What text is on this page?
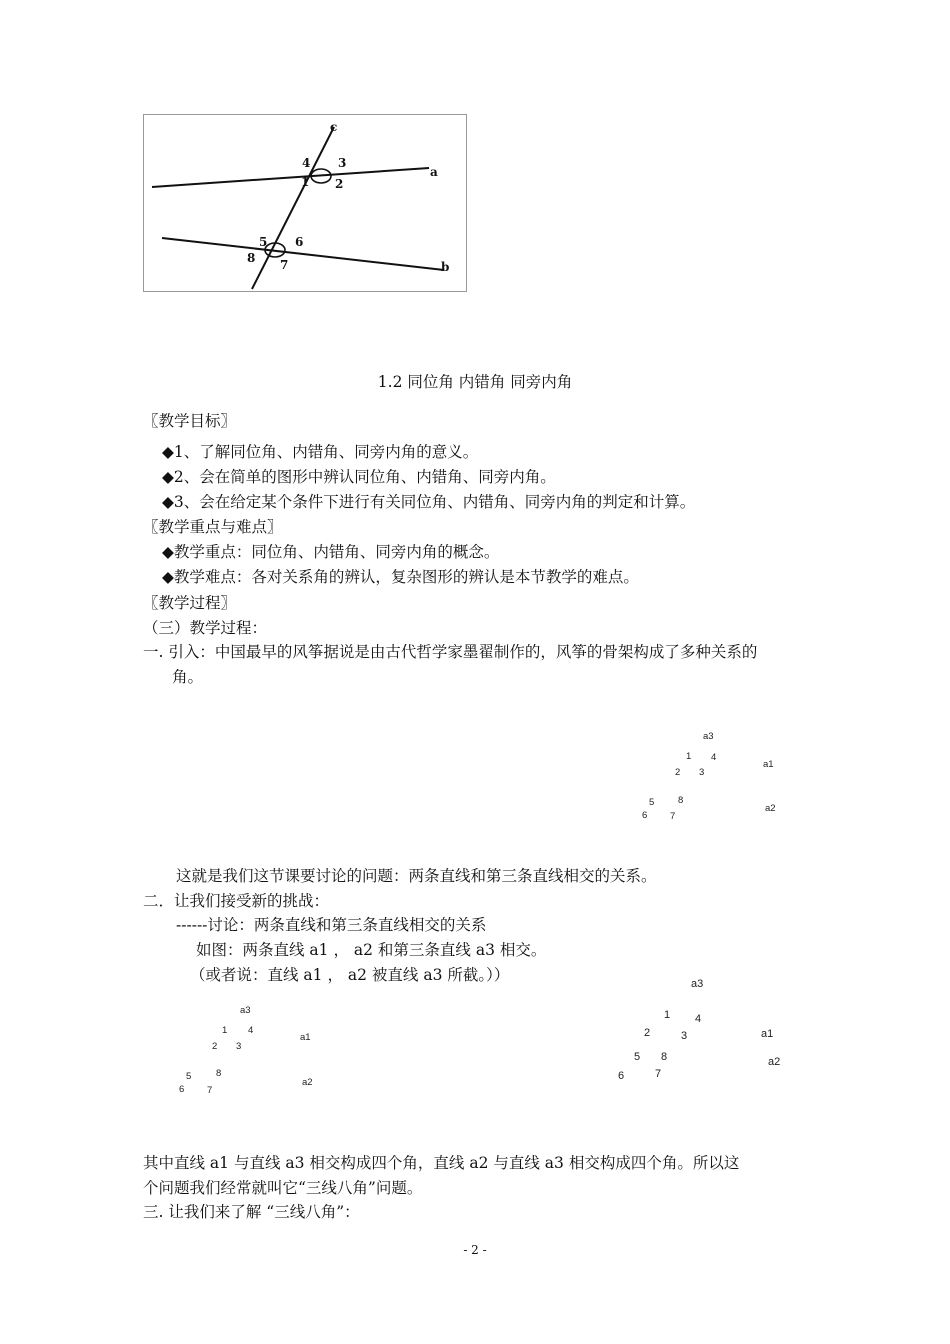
c
a
b
4 3
1 2
5 6
8 7
1.2 同位角 内错角 同旁内角
〖教学目标〗
◆1、了解同位角、内错角、同旁内角的意义。
◆2、会在简单的图形中辨认同位角、内错角、同旁内角。
◆3、会在给定某个条件下进行有关同位角、内错角、同旁内角的判定和计算。
〖教学重点与难点〗
◆教学重点：同位角、内错角、同旁内角的概念。
◆教学难点：各对关系角的辨认，复杂图形的辨认是本节教学的难点。
〖教学过程〗
（三）教学过程：
一. 引入：中国最早的风筝据说是由古代哲学家墨翟制作的，风筝的骨架构成了多种关系的
角。
a3
1 4
2 3
a1
8
5
a2
6 7
这就是我们这节课要讨论的问题：两条直线和第三条直线相交的关系。
二．让我们接受新的挑战：
------讨论：两条直线和第三条直线相交的关系
如图：两条直线 a1 ， a2 和第三条直线 a3 相交。
（或者说：直线 a1 ， a2 被直线 a3 所截。））
a3
1 4
a1
2 3
8
5
a2
6 7
a3
1 4
2	3	a1
5 8	a2
7
6
其中直线 a1 与直线 a3 相交构成四个角，直线 a2 与直线 a3 相交构成四个角。所以这
个问题我们经常就叫它“三线八角”问题。
三. 让我们来了解 “三线八角”：
- 2 -
